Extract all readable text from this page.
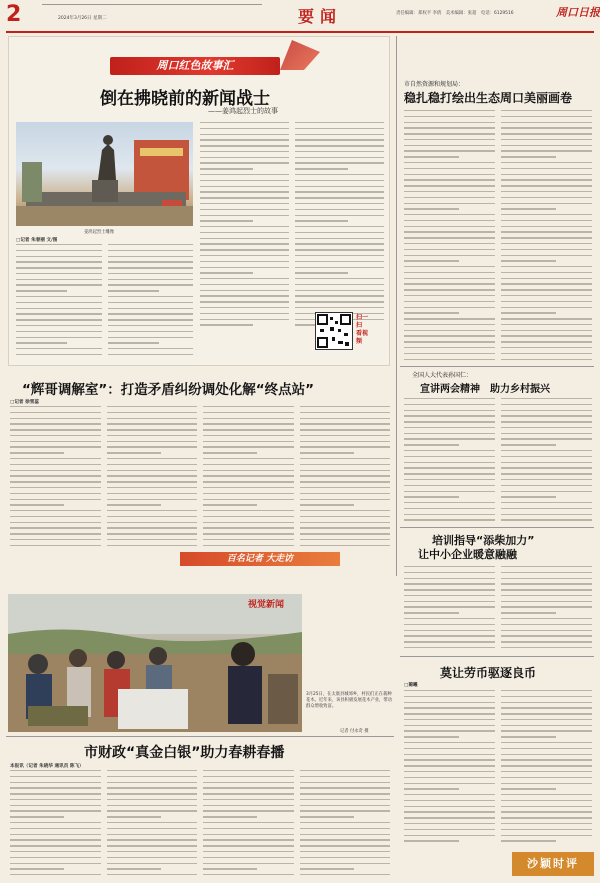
2	2024年3月26日 星期二	要闻	责任编辑：郑权平 李倩　美术编辑：张超　电话：6129516	周口日报
周口红色故事汇
倒在拂晓前的新闻战士
——姜鸿起烈士的故事
姜鸿起烈士雕像
□记者 朱春丽 文/图
扫一扫　看视频
市自然资源和规划局：
稳扎稳打绘出生态周口美丽画卷
全国人大代表孙国仁：
宣讲两会精神　助力乡村振兴
培训指导“添柴加力”
让中小企业暖意融融
“辉哥调解室”：打造矛盾纠纷调处化解“终点站”
□记者 徐雪蕊
百名记者 大走访
视觉新闻
3月25日，在太康县城郊乡，村民们正在栽种花木。近年来，该县积极发展花木产业，带动群众增收致富。
记者 付永奇 摄
市财政“真金白银”助力春耕春播
本报讯（记者 朱晓华 通讯员 陈飞）
莫让劳币驱逐良币
□蔺曦
沙颖时评
